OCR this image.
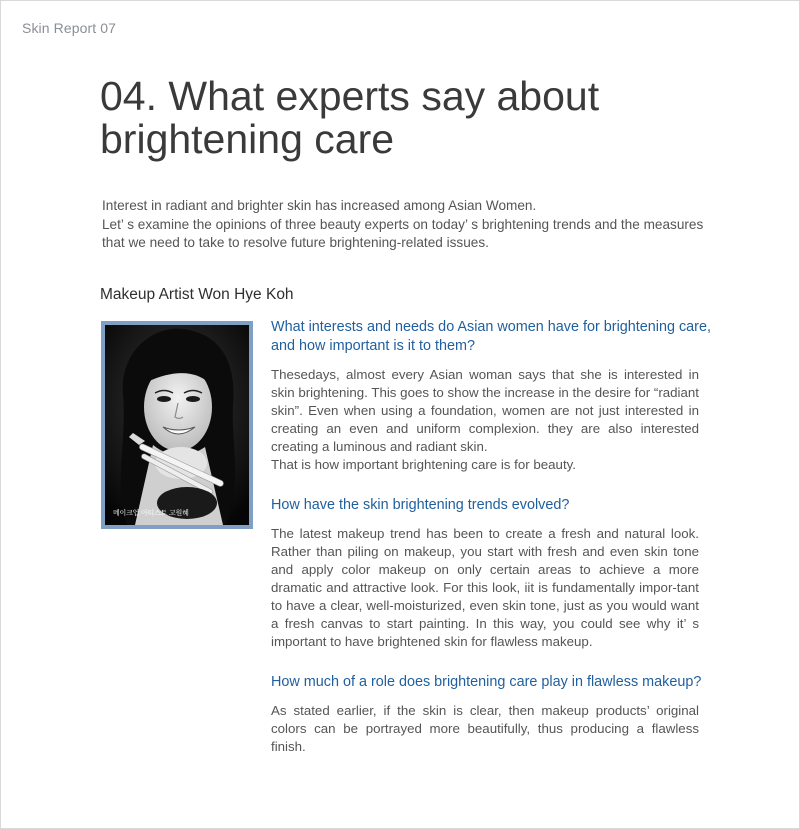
Skin Report 07
04. What experts say about
brightening care

Interest in radiant and brighter skin has increased among Asian Women.

Let’ s examine the opinions of three beauty experts on today’ s brightening trends and the measures that we need to take to resolve future brightening-related issues.

Makeup Artist Won Hye Koh
메이크업 아티스트 고원혜
What interests and needs do Asian women have for brightening care, and how important is it to them?

Thesedays, almost every Asian woman says that she is interested in skin brightening. This goes to show the increase in the desire for “radiant skin”. Even when using a foundation, women are not just interested in creating an even and uniform complexion. they are also interested creating a luminous and radiant skin.

That is how important brightening care is for beauty.

How have the skin brightening trends evolved?

The latest makeup trend has been to create a fresh and natural look. Rather than piling on makeup, you start with fresh and even skin tone and apply color makeup on only certain areas to achieve a more dramatic and attractive look. For this look, iit is fundamentally impor-tant to have a clear, well-moisturized, even skin tone, just as you would want a fresh canvas to start painting. In this way, you could see why it’ s important to have brightened skin for flawless makeup.

How much of a role does brightening care play in flawless makeup?

As stated earlier, if the skin is clear, then makeup products’ original colors can be portrayed more beautifully, thus producing a flawless finish.
